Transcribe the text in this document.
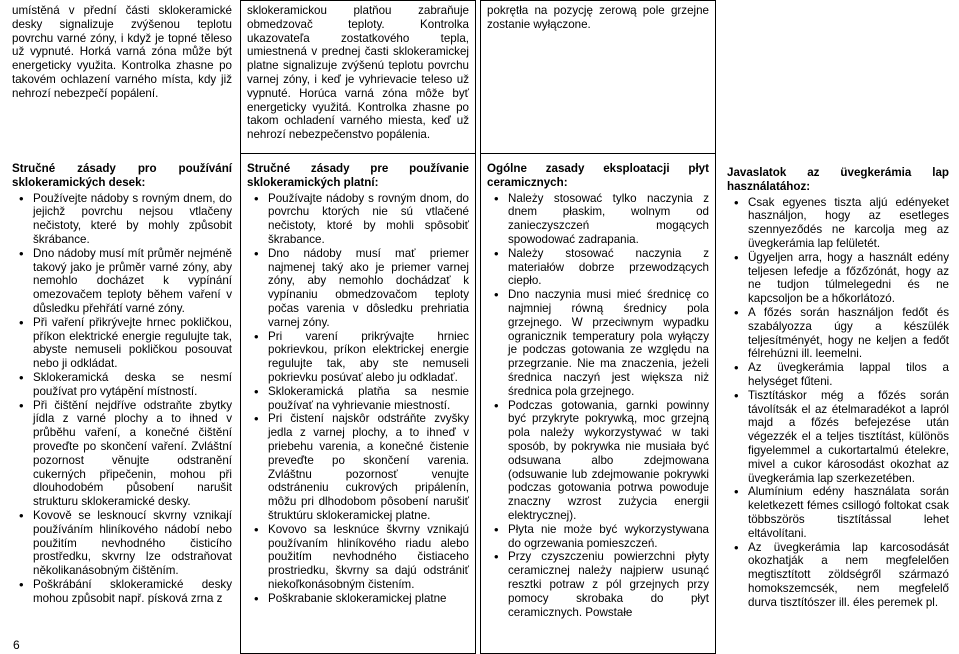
umístěná v přední části sklokeramické desky signalizuje zvýšenou teplotu povrchu varné zóny, i když je topné těleso už vypnuté. Horká varná zóna může být energeticky využita. Kontrolka zhasne po takovém ochlazení varného místa, kdy již nehrozí nebezpečí popálení.

Stručné zásady pro používání sklokeramických desek:

• Používejte nádoby s rovným dnem, do jejichž povrchu nejsou vtlačeny nečistoty, které by mohly způsobit škrábance.
• Dno nádoby musí mít průměr nejméně takový jako je průměr varné zóny, aby nemohlo docházet k vypínání omezovačem teploty během vaření v důsledku přehřátí varné zóny.
• Při vaření přikrývejte hrnec pokličkou, příkon elektrické energie regulujte tak, abyste nemuseli pokličkou posouvat nebo ji odkládat.
• Sklokeramická deska se nesmí používat pro vytápění místností.
• Při čištění nejdříve odstraňte zbytky jídla z varné plochy a to ihned v průběhu vaření, a konečné čištění proveďte po skončení vaření. Zvláštní pozornost věnujte odstranění cukerných připečenin, mohou při dlouhodobém působení narušit strukturu sklokeramické desky.
• Kovově se lesknoucí skvrny vznikají používáním hliníkového nádobí nebo použitím nevhodného čisticího prostředku, skvrny lze odstraňovat několikanásobným čištěním.
• Poškrábání sklokeramické desky mohou způsobit např. písková zrna z
6

sklokeramickou platňou zabraňuje obmedzovač teploty. Kontrolka ukazovateľa zostatkového tepla, umiestnená v prednej časti sklokeramickej platne signalizuje zvýšenú teplotu povrchu varnej zóny, i keď je vyhrievacie teleso už vypnuté. Horúca varná zóna môže byť energeticky využitá. Kontrolka zhasne po takom ochladení varného miesta, keď už nehrozí nebezpečenstvo popálenia.

Stručné zásady pre používanie sklokeramických platní:

• Používajte nádoby s rovným dnom, do povrchu ktorých nie sú vtlačené nečistoty, ktoré by mohli spôsobiť škrabance.
• Dno nádoby musí mať priemer najmenej taký ako je priemer varnej zóny, aby nemohlo dochádzať k vypínaniu obmedzovačom teploty počas varenia v dôsledku prehriatia varnej zóny.
• Pri varení prikrývajte hrniec pokrievkou, príkon elektrickej energie regulujte tak, aby ste nemuseli pokrievku posúvať alebo ju odkladať.
• Sklokeramická platňa sa nesmie používať na vyhrievanie miestností.
• Pri čistení najskôr odstráňte zvyšky jedla z varnej plochy, a to ihneď v priebehu varenia, a konečné čistenie preveďte po skončení varenia. Zvláštnu pozornosť venujte odstráneniu cukrových pripálenín, môžu pri dlhodobom pôsobení narušiť štruktúru sklokeramickej platne.
• Kovovo sa lesknúce škvrny vznikajú používaním hliníkového riadu alebo použitím nevhodného čistiaceho prostriedku, škvrny sa dajú odstrániť niekoľkonásobným čistením.
• Poškrabanie sklokeramickej platne

pokrętła na pozycję zerową pole grzejne zostanie wyłączone.

Ogólne zasady eksploatacji płyt ceramicznych:

• Należy stosować tylko naczynia z dnem płaskim, wolnym od zanieczyszczeń mogących spowodować zadrapania.
• Należy stosować naczynia z materiałów dobrze przewodzących ciepło.
• Dno naczynia musi mieć średnicę co najmniej równą średnicy pola grzejnego. W przeciwnym wypadku ogranicznik temperatury pola wyłączy je podczas gotowania ze względu na przegrzanie. Nie ma znaczenia, jeżeli średnica naczyń jest większa niż średnica pola grzejnego.
• Podczas gotowania, garnki powinny być przykryte pokrywką, moc grzejną pola należy wykorzystywać w taki sposób, by pokrywka nie musiała być odsuwana albo zdejmowana (odsuwanie lub zdejmowanie pokrywki podczas gotowania potrwa powoduje znaczny wzrost zużycia energii elektrycznej).
• Płyta nie może być wykorzystywana do ogrzewania pomieszczeń.
• Przy czyszczeniu powierzchni płyty ceramicznej należy najpierw usunąć resztki potraw z pól grzejnych przy pomocy skrobaka do płyt ceramicznych. Powstałe

Javaslatok az üvegkerámia lap használatához:

• Csak egyenes tiszta aljú edényeket használjon, hogy az esetleges szennyeződés ne karcolja meg az üvegkerámia lap felületét.
• Ügyeljen arra, hogy a használt edény teljesen lefedje a főzőzónát, hogy az ne tudjon túlmelegedni és ne kapcsoljon be a hőkorlátozó.
• A főzés során használjon fedőt és szabályozza úgy a készülék teljesítményét, hogy ne keljen a fedőt félrehúzni ill. leemelni.
• Az üvegkerámia lappal tilos a helységet fűteni.
• Tisztításkor még a főzés során távolítsák el az ételmaradékot a lapról majd a főzés befejezése után végezzék el a teljes tisztítást, különös figyelemmel a cukortartalmú ételekre, mivel a cukor károsodást okozhat az üvegkerámia lap szerkezetében.
• Alumínium edény használata során keletkezett fémes csillogó foltokat csak többszörös tisztítással lehet eltávolítani.
• Az üvegkerámia lap karcosodását okozhatják a nem megfelelően megtisztított zöldségről származó homokszemcsék, nem megfelelő durva tisztítószer ill. éles peremek pl.
